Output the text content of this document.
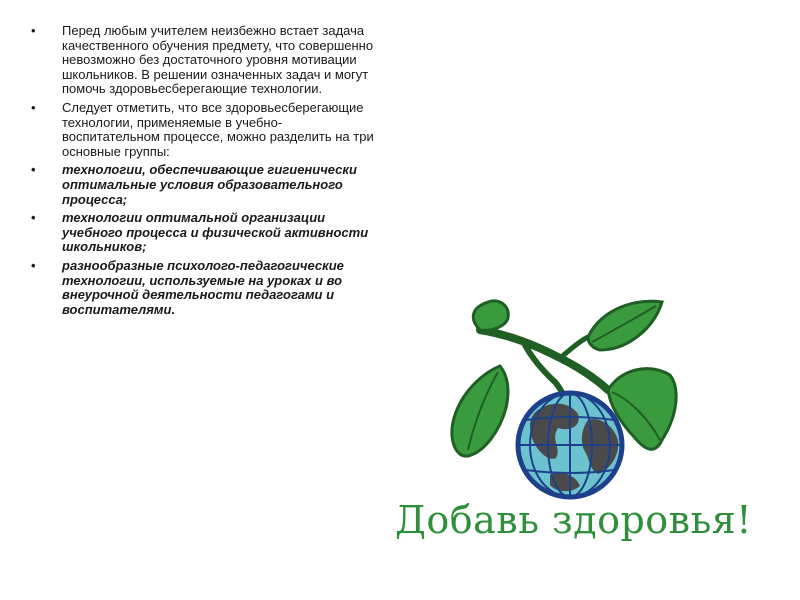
• Перед любым учителем неизбежно встает задача
качественного обучения предмету, что совершенно
невозможно без достаточного уровня мотивации
школьников. В решении означенных задач и могут
помочь здоровьесберегающие технологии.
• Следует отметить, что все здоровьесберегающие
технологии, применяемые в учебно-
воспитательном процессе, можно разделить на три
основные группы:
• технологии, обеспечивающие гигиенически
оптимальные условия образовательного
процесса;
• технологии оптимальной организации
учебного процесса и физической активности
школьников;
• разнообразные психолого-педагогические
технологии, используемые на уроках и во
внеурочной деятельности педагогами и
воспитателями.
Добавь здоровья!
